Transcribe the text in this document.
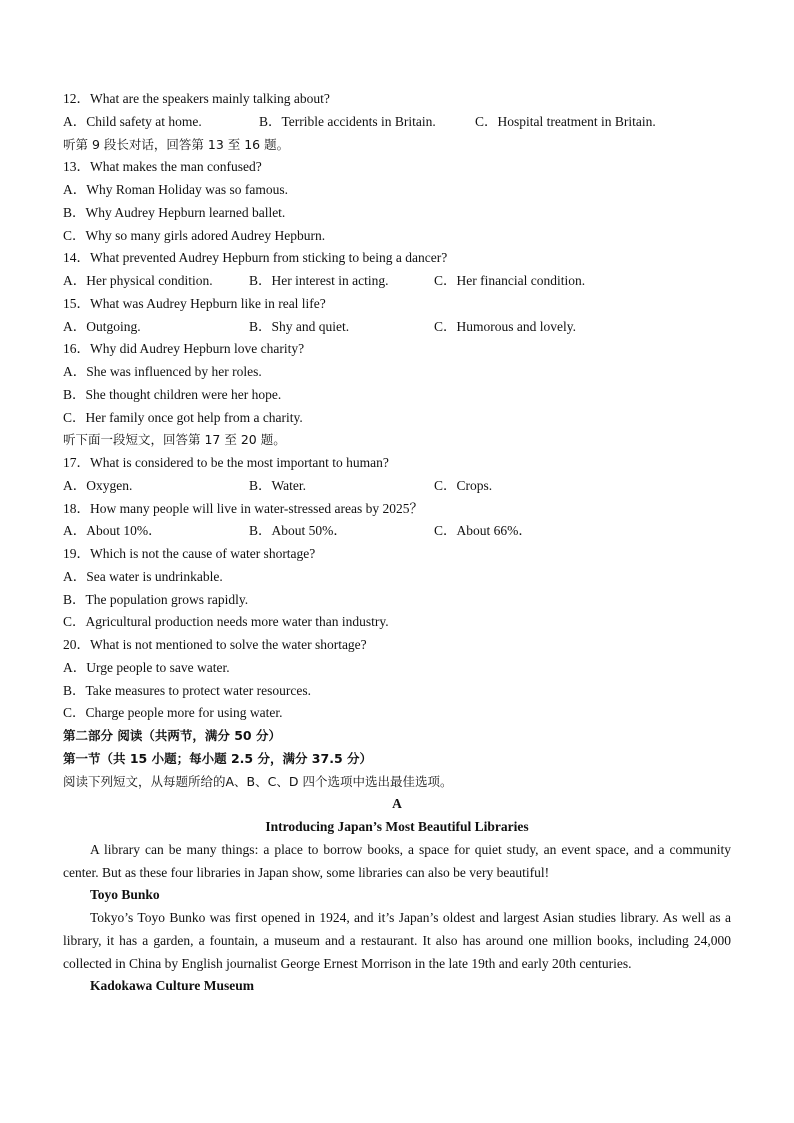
12．What are the speakers mainly talking about?
A．Child safety at home.	B．Terrible accidents in Britain.	C．Hospital treatment in Britain.
听第 9 段长对话，回答第 13 至 16 题。
13．What makes the man confused?
A．Why Roman Holiday was so famous.
B．Why Audrey Hepburn learned ballet.
C．Why so many girls adored Audrey Hepburn.
14．What prevented Audrey Hepburn from sticking to being a dancer?
A．Her physical condition.	B．Her interest in acting.	C．Her financial condition.
15．What was Audrey Hepburn like in real life?
A．Outgoing.	B．Shy and quiet.	C．Humorous and lovely.
16．Why did Audrey Hepburn love charity?
A．She was influenced by her roles.
B．She thought children were her hope.
C．Her family once got help from a charity.
听下面一段短文，回答第 17 至 20 题。
17．What is considered to be the most important to human?
A．Oxygen.	B．Water.	C．Crops.
18．How many people will live in water-stressed areas by 2025？
A．About 10%．	B．About 50%．	C．About 66%．
19．Which is not the cause of water shortage?
A．Sea water is undrinkable.
B．The population grows rapidly.
C．Agricultural production needs more water than industry.
20．What is not mentioned to solve the water shortage?
A．Urge people to save water.
B．Take measures to protect water resources.
C．Charge people more for using water.
第二部分 阅读（共两节，满分 50 分）
第一节（共 15 小题；每小题 2.5 分，满分 37.5 分）
阅读下列短文，从每题所给的A、B、C、D 四个选项中选出最佳选项。
A
Introducing Japan’s Most Beautiful Libraries
A library can be many things: a place to borrow books, a space for quiet study, an event space, and a community center. But as these four libraries in Japan show, some libraries can also be very beautiful!
Toyo Bunko
Tokyo’s Toyo Bunko was first opened in 1924, and it’s Japan’s oldest and largest Asian studies library. As well as a library, it has a garden, a fountain, a museum and a restaurant. It also has around one million books, including 24,000 collected in China by English journalist George Ernest Morrison in the late 19th and early 20th centuries.
Kadokawa Culture Museum
